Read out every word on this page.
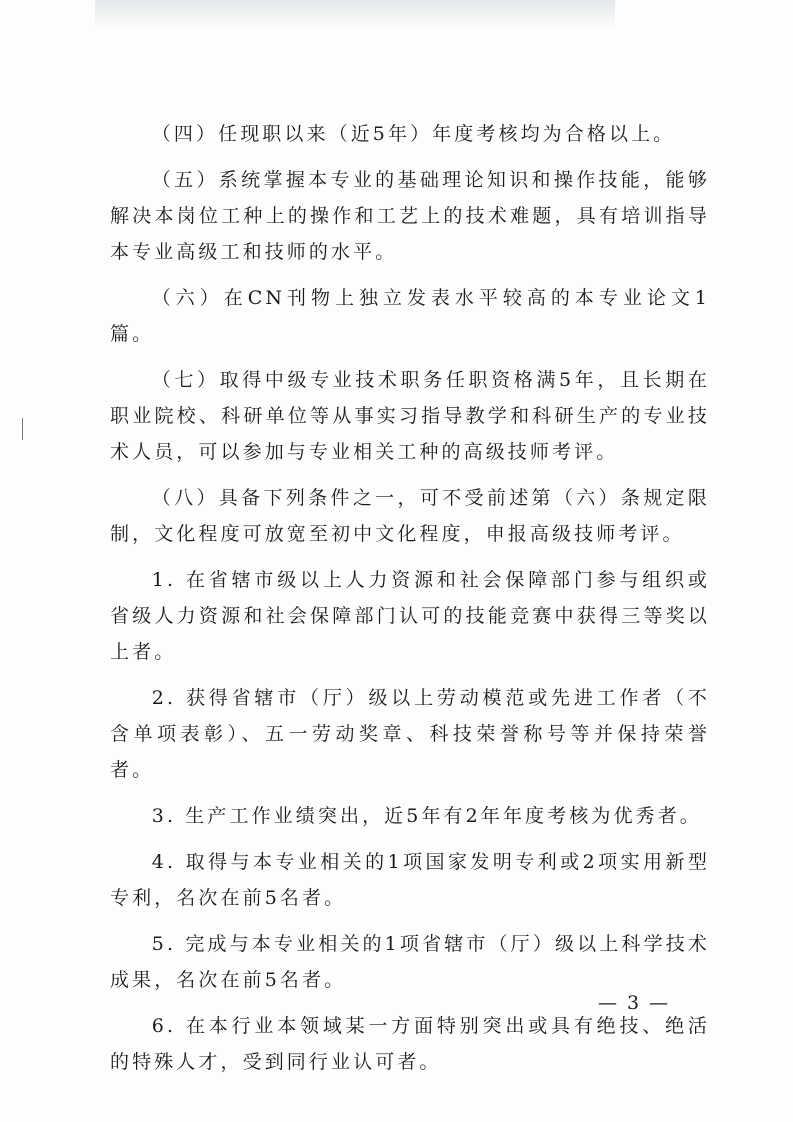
（四）任现职以来（近5年）年度考核均为合格以上。

（五）系统掌握本专业的基础理论知识和操作技能，能够解决本岗位工种上的操作和工艺上的技术难题，具有培训指导本专业高级工和技师的水平。

（六）在CN刊物上独立发表水平较高的本专业论文1篇。

（七）取得中级专业技术职务任职资格满5年，且长期在职业院校、科研单位等从事实习指导教学和科研生产的专业技术人员，可以参加与专业相关工种的高级技师考评。

（八）具备下列条件之一，可不受前述第（六）条规定限制，文化程度可放宽至初中文化程度，申报高级技师考评。

1. 在省辖市级以上人力资源和社会保障部门参与组织或省级人力资源和社会保障部门认可的技能竞赛中获得三等奖以上者。

2. 获得省辖市（厅）级以上劳动模范或先进工作者（不含单项表彰）、五一劳动奖章、科技荣誉称号等并保持荣誉者。

3. 生产工作业绩突出，近5年有2年年度考核为优秀者。

4. 取得与本专业相关的1项国家发明专利或2项实用新型专利，名次在前5名者。

5. 完成与本专业相关的1项省辖市（厅）级以上科学技术成果，名次在前5名者。

6. 在本行业本领域某一方面特别突出或具有绝技、绝活的特殊人才，受到同行业认可者。

— 3 —
